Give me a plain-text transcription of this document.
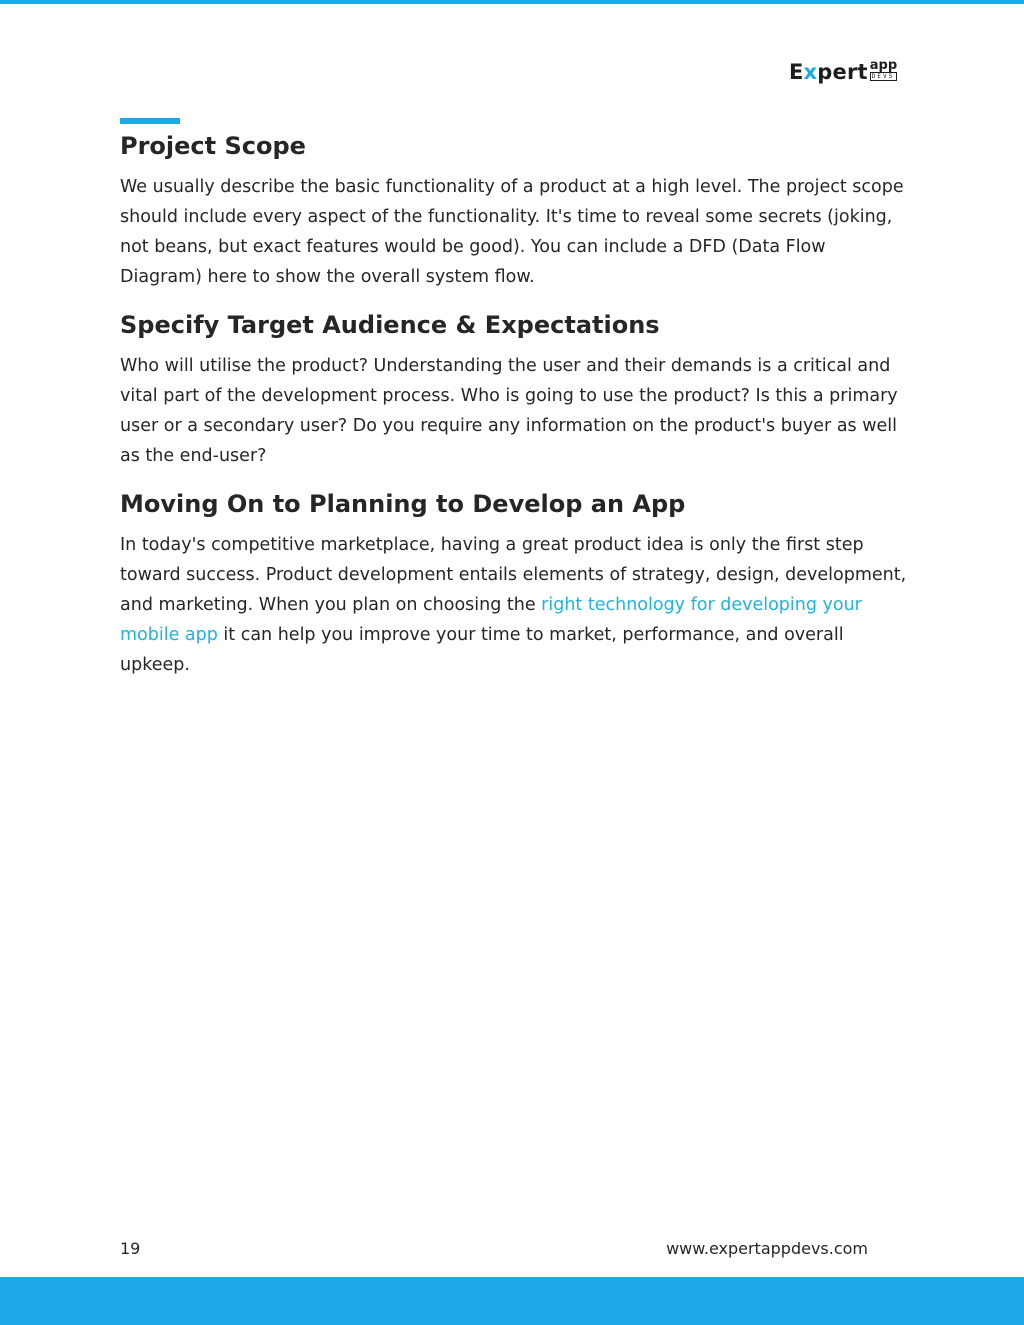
Expert app
DEVS
Project Scope

We usually describe the basic functionality of a product at a high level. The project scope should include every aspect of the functionality. It's time to reveal some secrets (joking, not beans, but exact features would be good). You can include a DFD (Data Flow Diagram) here to show the overall system flow.

Specify Target Audience & Expectations

Who will utilise the product? Understanding the user and their demands is a critical and vital part of the development process. Who is going to use the product? Is this a primary user or a secondary user? Do you require any information on the product's buyer as well as the end-user?

Moving On to Planning to Develop an App

In today's competitive marketplace, having a great product idea is only the first step toward success. Product development entails elements of strategy, design, development, and marketing. When you plan on choosing the right technology for developing your mobile app it can help you improve your time to market, performance, and overall upkeep.

19	www.expertappdevs.com
